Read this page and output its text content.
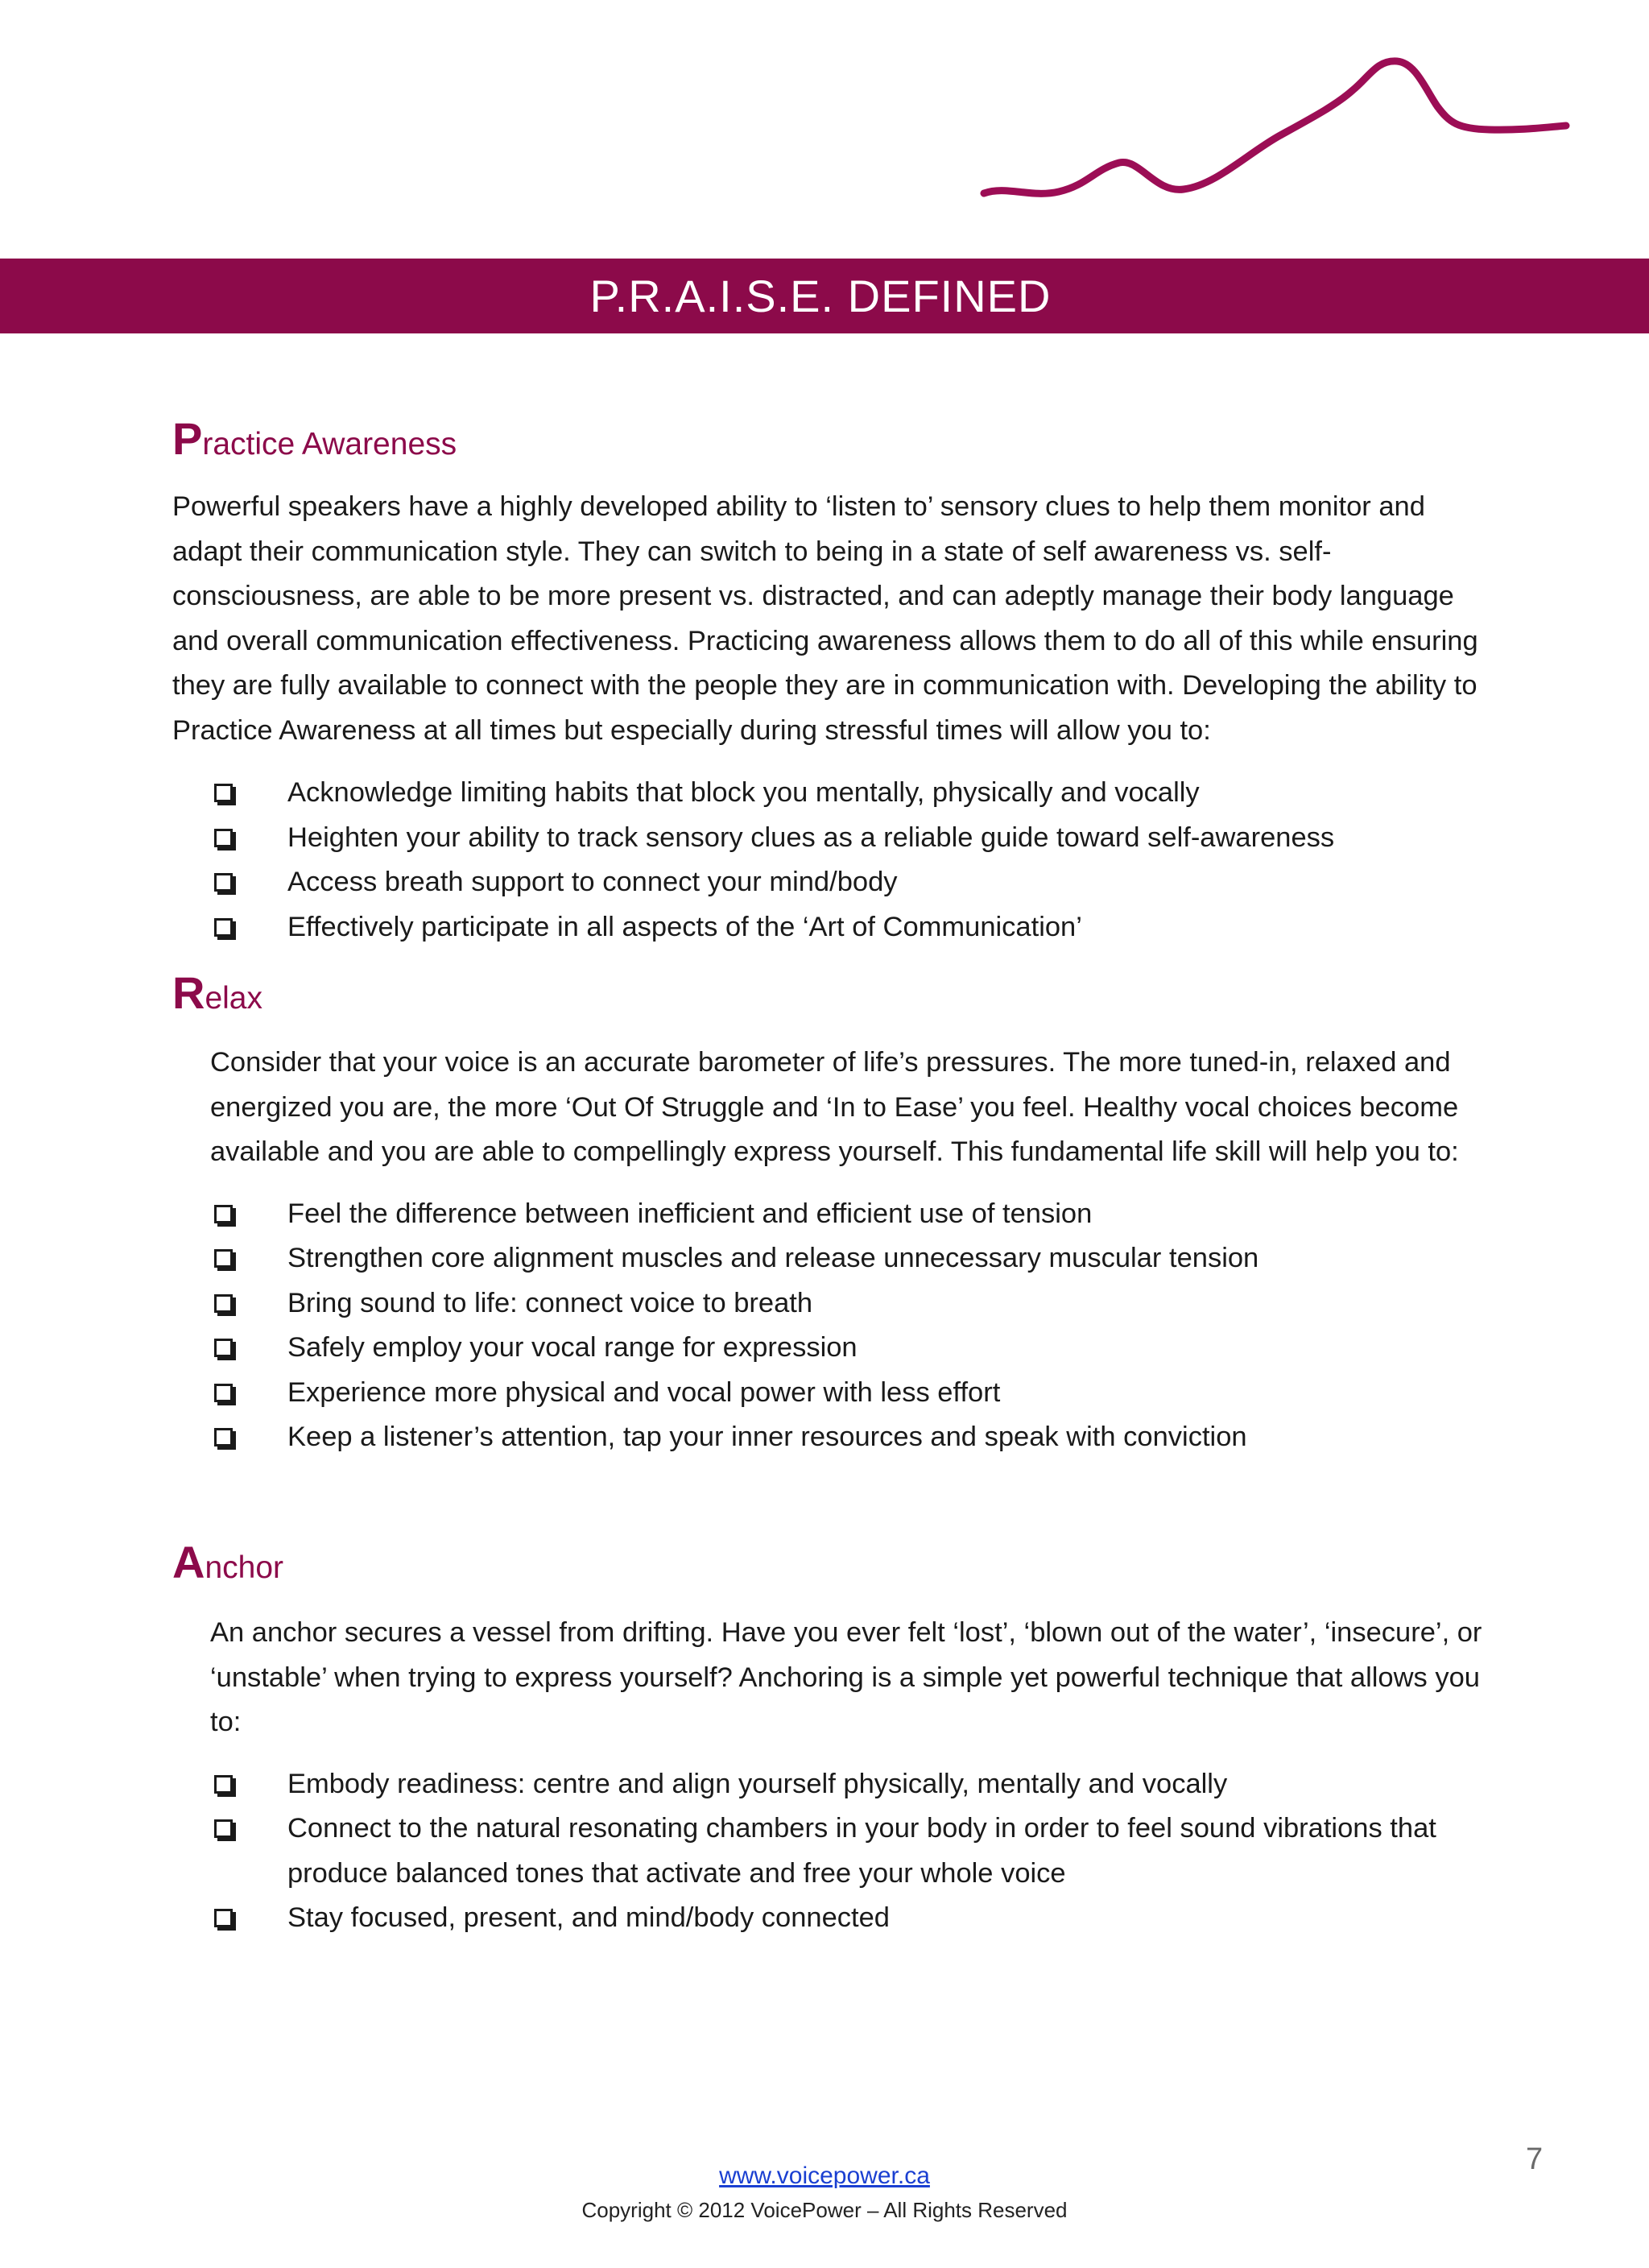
P.R.A.I.S.E. DEFINED
Practice Awareness

Powerful speakers have a highly developed ability to ‘listen to’ sensory clues to help them monitor and adapt their communication style. They can switch to being in a state of self awareness vs. self-consciousness, are able to be more present vs. distracted, and can adeptly manage their body language and overall communication effectiveness. Practicing awareness allows them to do all of this while ensuring they are fully available to connect with the people they are in communication with. Developing the ability to Practice Awareness at all times but especially during stressful times will allow you to:

Acknowledge limiting habits that block you mentally, physically and vocally
Heighten your ability to track sensory clues as a reliable guide toward self-awareness
Access breath support to connect your mind/body
Effectively participate in all aspects of the ‘Art of Communication’
Relax

Consider that your voice is an accurate barometer of life’s pressures. The more tuned-in, relaxed and energized you are, the more ‘Out Of Struggle and ‘In to Ease’ you feel. Healthy vocal choices become available and you are able to compellingly express yourself. This fundamental life skill will help you to:

Feel the difference between inefficient and efficient use of tension
Strengthen core alignment muscles and release unnecessary muscular tension
Bring sound to life: connect voice to breath
Safely employ your vocal range for expression
Experience more physical and vocal power with less effort
Keep a listener’s attention, tap your inner resources and speak with conviction
Anchor

An anchor secures a vessel from drifting. Have you ever felt ‘lost’, ‘blown out of the water’, ‘insecure’, or ‘unstable’ when trying to express yourself? Anchoring is a simple yet powerful technique that allows you to:

Embody readiness: centre and align yourself physically, mentally and vocally
Connect to the natural resonating chambers in your body in order to feel sound vibrations that produce balanced tones that activate and free your whole voice
Stay focused, present, and mind/body connected
www.voicepower.ca
Copyright © 2012 VoicePower – All Rights Reserved
7
